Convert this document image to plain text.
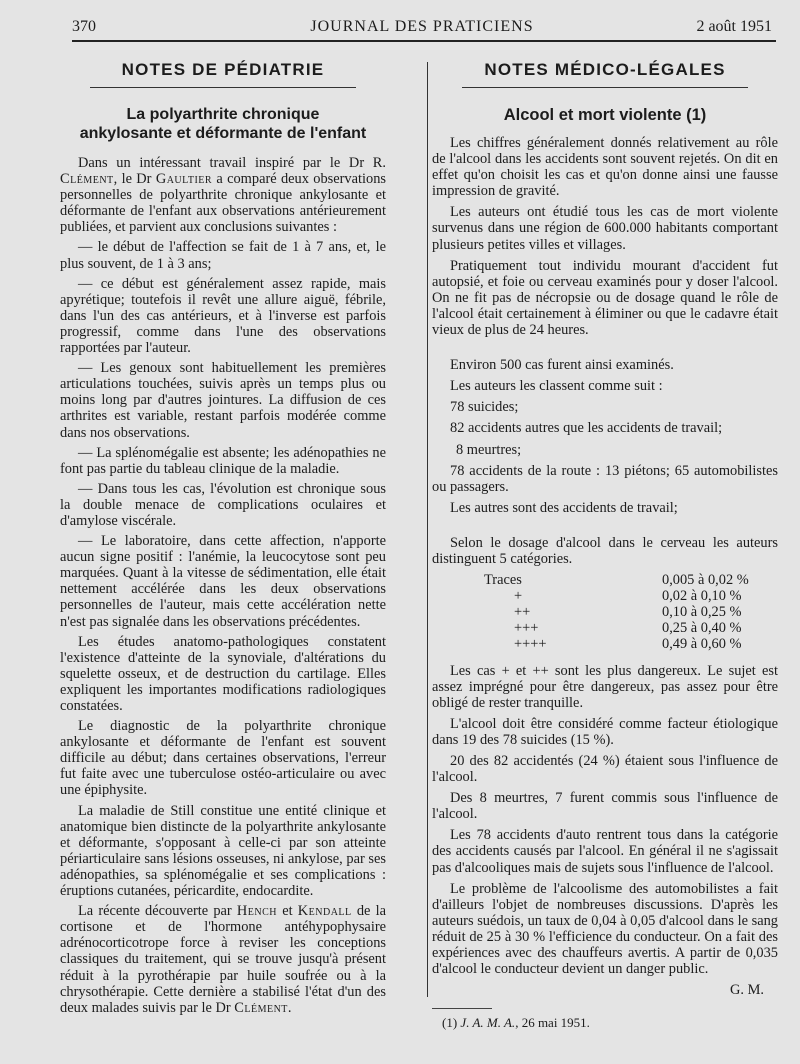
370	JOURNAL DES PRATICIENS	2 août 1951
NOTES DE PÉDIATRIE
La polyarthrite chronique
ankylosante et déformante de l'enfant

Dans un intéressant travail inspiré par le Dr R. Clément, le Dr Gaultier a comparé deux observations personnelles de polyarthrite chronique ankylosante et déformante de l'enfant aux observations antérieurement publiées, et parvient aux conclusions suivantes :

— le début de l'affection se fait de 1 à 7 ans, et, le plus souvent, de 1 à 3 ans;

— ce début est généralement assez rapide, mais apyrétique; toutefois il revêt une allure aiguë, fébrile, dans l'un des cas antérieurs, et à l'inverse est parfois progressif, comme dans l'une des observations rapportées par l'auteur.

— Les genoux sont habituellement les premières articulations touchées, suivis après un temps plus ou moins long par d'autres jointures. La diffusion de ces arthrites est variable, restant parfois modérée comme dans nos observations.

— La splénomégalie est absente; les adénopathies ne font pas partie du tableau clinique de la maladie.

— Dans tous les cas, l'évolution est chronique sous la double menace de complications oculaires et d'amylose viscérale.

— Le laboratoire, dans cette affection, n'apporte aucun signe positif : l'anémie, la leucocytose sont peu marquées. Quant à la vitesse de sédimentation, elle était nettement accélérée dans les deux observations personnelles de l'auteur, mais cette accélération nette n'est pas signalée dans les observations précédentes.

Les études anatomo-pathologiques constatent l'existence d'atteinte de la synoviale, d'altérations du squelette osseux, et de destruction du cartilage. Elles expliquent les importantes modifications radiologiques constatées.

Le diagnostic de la polyarthrite chronique ankylosante et déformante de l'enfant est souvent difficile au début; dans certaines observations, l'erreur fut faite avec une tuberculose ostéo-articulaire ou avec une épiphysite.

La maladie de Still constitue une entité clinique et anatomique bien distincte de la polyarthrite ankylosante et déformante, s'opposant à celle-ci par son atteinte périarticulaire sans lésions osseuses, ni ankylose, par ses adénopathies, sa splénomégalie et ses complications : éruptions cutanées, péricardite, endocardite.

La récente découverte par Hench et Kendall de la cortisone et de l'hormone antéhypophysaire adrénocorticotrope force à reviser les conceptions classiques du traitement, qui se trouve jusqu'à présent réduit à la pyrothérapie par huile soufrée ou à la chrysothérapie. Cette dernière a stabilisé l'état d'un des deux malades suivis par le Dr Clément.

NOTES MÉDICO-LÉGALES
Alcool et mort violente (1)

Les chiffres généralement donnés relativement au rôle de l'alcool dans les accidents sont souvent rejetés. On dit en effet qu'on choisit les cas et qu'on donne ainsi une fausse impression de gravité.

Les auteurs ont étudié tous les cas de mort violente survenus dans une région de 600.000 habitants comportant plusieurs petites villes et villages.

Pratiquement tout individu mourant d'accident fut autopsié, et foie ou cerveau examinés pour y doser l'alcool. On ne fit pas de nécropsie ou de dosage quand le rôle de l'alcool était certainement à éliminer ou que le cadavre était vieux de plus de 24 heures.

Environ 500 cas furent ainsi examinés.

Les auteurs les classent comme suit :

78 suicides;

82 accidents autres que les accidents de travail;

8 meurtres;

78 accidents de la route : 13 piétons; 65 automobilistes ou passagers.

Les autres sont des accidents de travail;

Selon le dosage d'alcool dans le cerveau les auteurs distinguent 5 catégories.

Traces	0,005 à 0,02 %
+	0,02 à 0,10 %
++	0,10 à 0,25 %
+++	0,25 à 0,40 %
++++	0,49 à 0,60 %

Les cas + et ++ sont les plus dangereux. Le sujet est assez imprégné pour être dangereux, pas assez pour être obligé de rester tranquille.

L'alcool doit être considéré comme facteur étiologique dans 19 des 78 suicides (15 %).

20 des 82 accidentés (24 %) étaient sous l'influence de l'alcool.

Des 8 meurtres, 7 furent commis sous l'influence de l'alcool.

Les 78 accidents d'auto rentrent tous dans la catégorie des accidents causés par l'alcool. En général il ne s'agissait pas d'alcooliques mais de sujets sous l'influence de l'alcool.

Le problème de l'alcoolisme des automobilistes a fait d'ailleurs l'objet de nombreuses discussions. D'après les auteurs suédois, un taux de 0,04 à 0,05 d'alcool dans le sang réduit de 25 à 30 % l'efficience du conducteur. On a fait des expériences avec des chauffeurs avertis. A partir de 0,035 d'alcool le conducteur devient un danger public.

G. M.

(1) J. A. M. A., 26 mai 1951.
